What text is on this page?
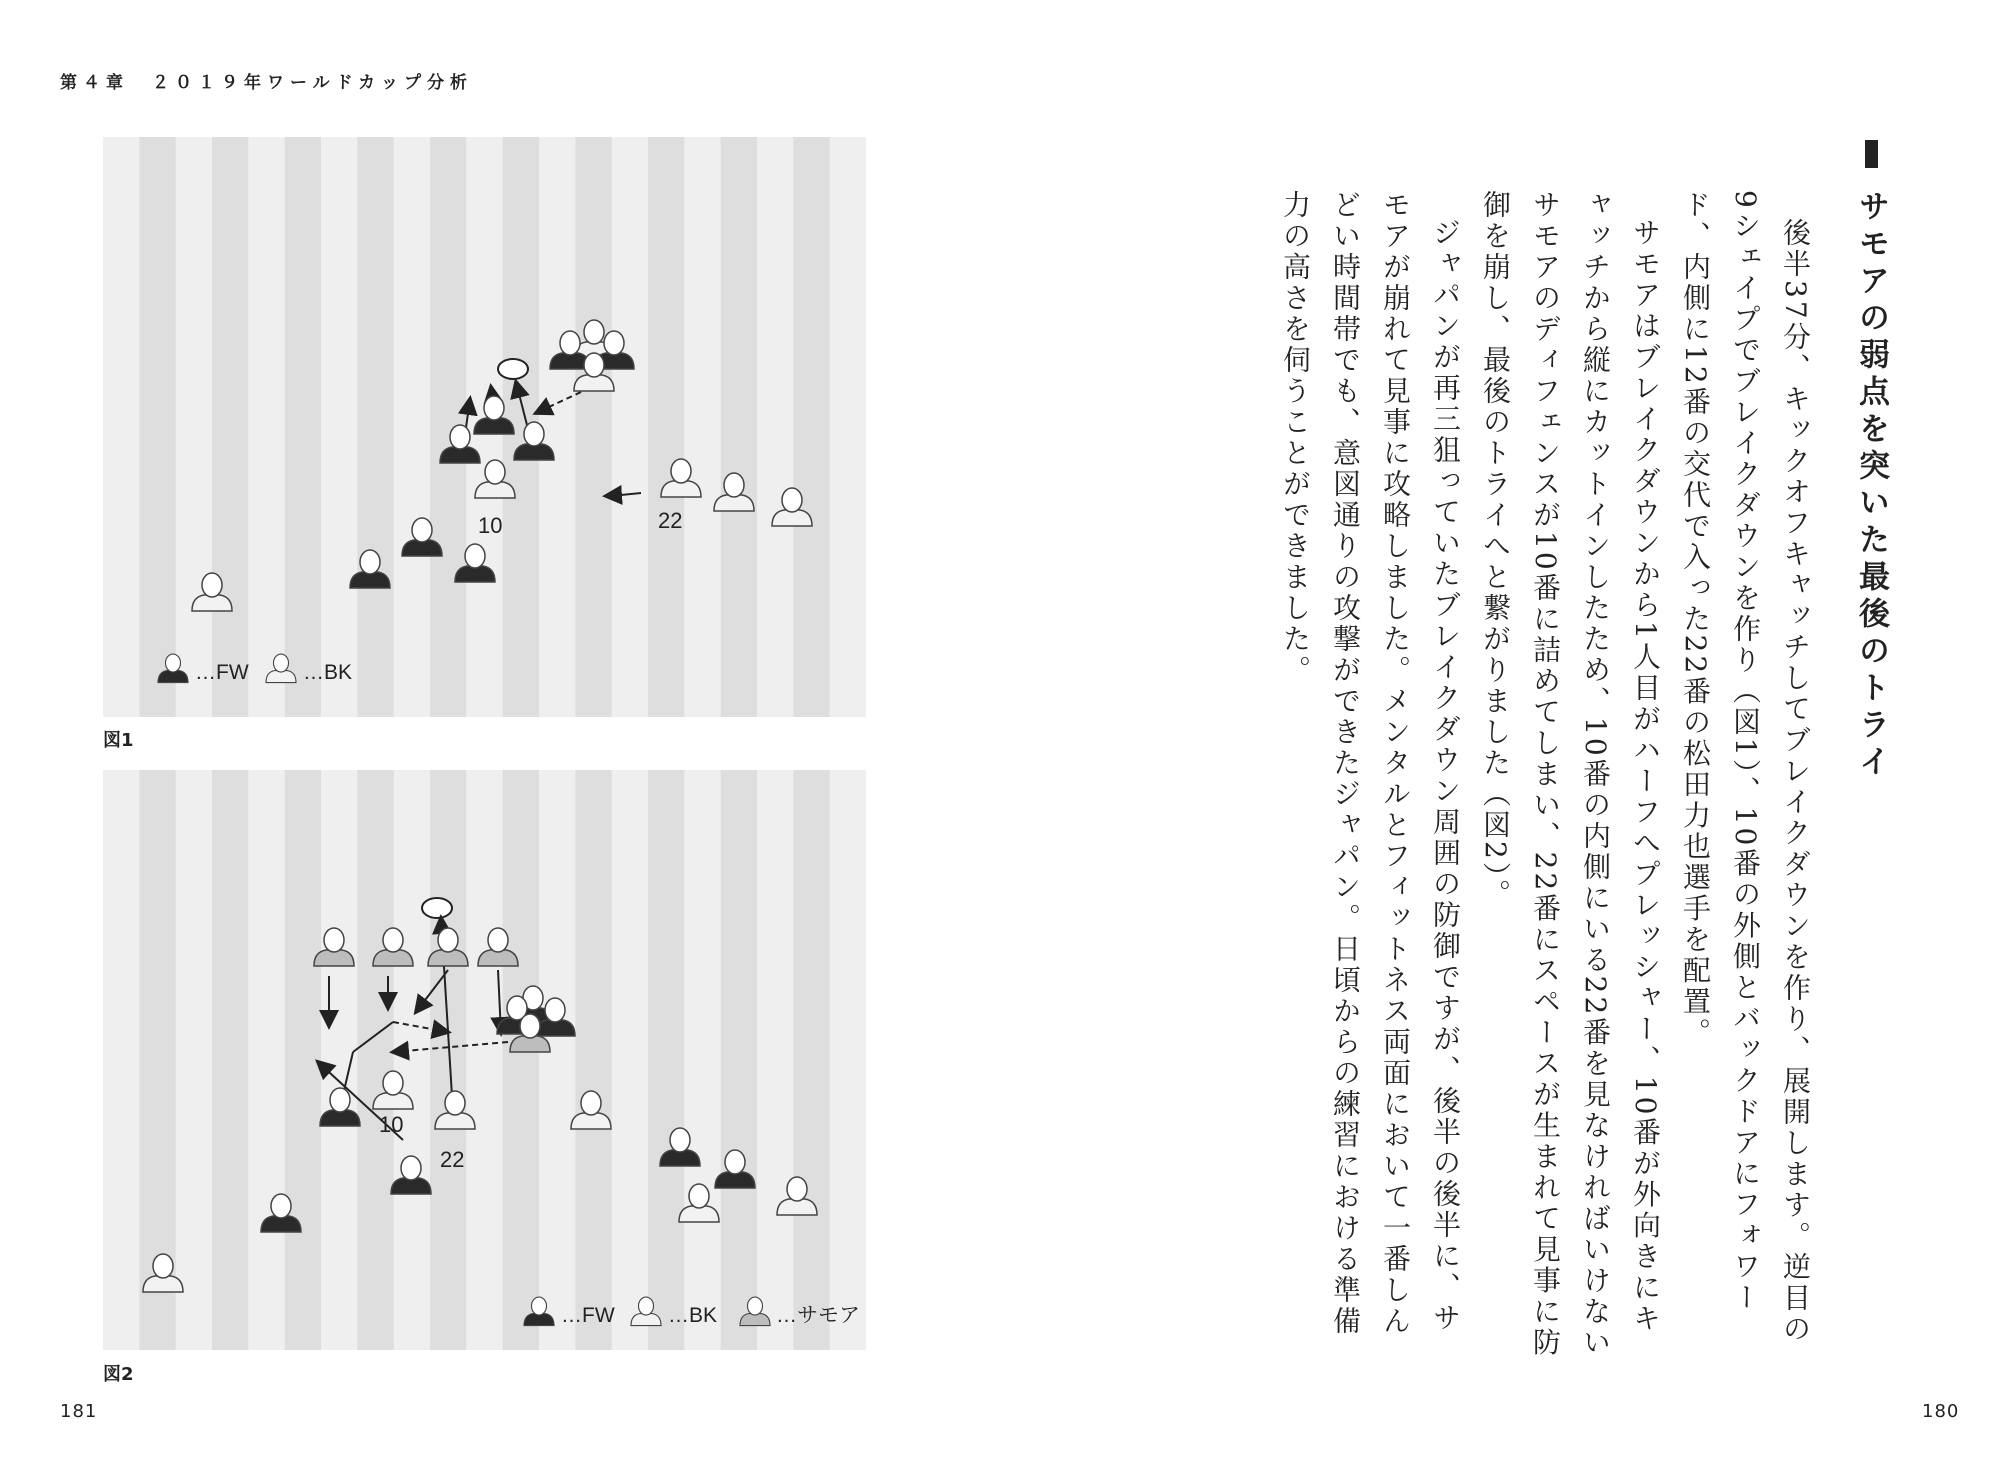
第４章　２０１９年ワールドカップ分析
10	22
…FW	…BK
図1
10
22
…FW	…BK	…サモア
図2
181	180
サモアの弱点を突いた最後のトライ

後半37分、キックオフキャッチしてブレイクダウンを作り、展開します。逆目の9シェイプでブレイクダウンを作り（図1）、10番の外側とバックドアにフォワード、内側に12番の交代で入った22番の松田力也選手を配置。

サモアはブレイクダウンから1人目がハーフへプレッシャー、10番が外向きにキャッチから縦にカットインしたため、10番の内側にいる22番を見なければいけないサモアのディフェンスが10番に詰めてしまい、22番にスペースが生まれて見事に防御を崩し、最後のトライへと繋がりました（図2）。

ジャパンが再三狙っていたブレイクダウン周囲の防御ですが、後半の後半に、サモアが崩れて見事に攻略しました。メンタルとフィットネス両面において一番しんどい時間帯でも、意図通りの攻撃ができたジャパン。日頃からの練習における準備力の高さを伺うことができました。
